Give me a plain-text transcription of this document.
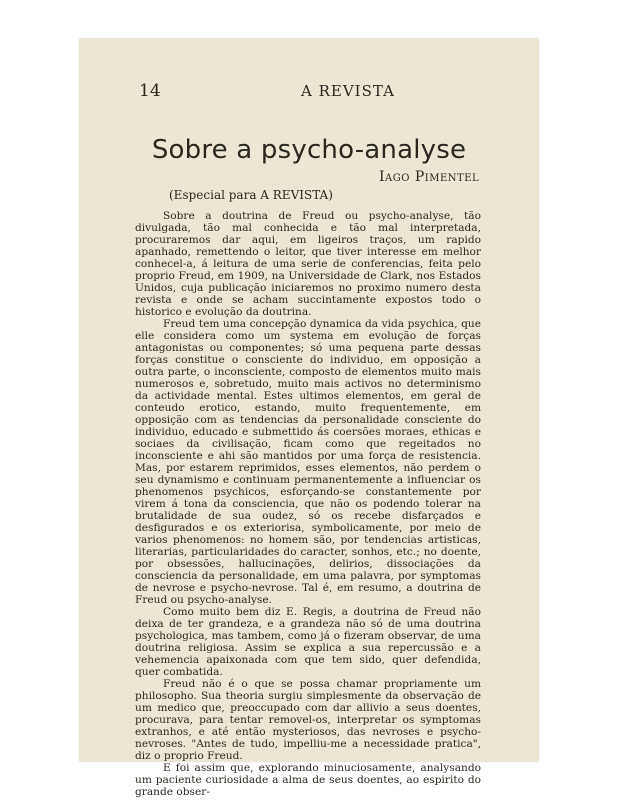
14	A REVISTA
Sobre a psycho-analyse
Iago Pimentel
(Especial para A REVISTA)

Sobre a doutrina de Freud ou psycho-analyse, tão divulgada, tão mal conhecida e tão mal interpretada, procuraremos dar aqui, em ligeiros traços, um rapido apanhado, remettendo o leitor, que tiver interesse em melhor conhecel-a, á leitura de uma serie de conferencias, feita pelo proprio Freud, em 1909, na Universidade de Clark, nos Estados Unidos, cuja publicação iniciaremos no proximo numero desta revista e onde se acham succintamente expostos todo o historico e evolução da doutrina.

Freud tem uma concepção dynamica da vida psychica, que elle considera como um systema em evolução de forças antagonistas ou componentes; só uma pequena parte dessas forças constitue o consciente do individuo, em opposição a outra parte, o inconsciente, composto de elementos muito mais numerosos e, sobretudo, muito mais activos no determinismo da actividade mental. Estes ultimos elementos, em geral de conteudo erotico, estando, muito frequentemente, em opposição com as tendencias da personalidade consciente do individuo, educado e submettido ás coersões moraes, ethicas e sociaes da civilisação, ficam como que regeitados no inconsciente e ahi são mantidos por uma força de resistencia. Mas, por estarem reprimidos, esses elementos, não perdem o seu dynamismo e continuam permanentemente a influenciar os phenomenos psychicos, esforçando-se constantemente por virem á tona da consciencia, que não os podendo tolerar na brutalidade de sua oudez, só os recebe disfarçados e desfigurados e os exteriorisa, symbolicamente, por meio de varios phenomenos: no homem são, por tendencias artisticas, literarias, particularidades do caracter, sonhos, etc.; no doente, por obsessões, hallucinações, delirios, dissociações da consciencia da personalidade, em uma palavra, por symptomas de nevrose e psycho-nevrose. Tal é, em resumo, a doutrina de Freud ou psycho-analyse.

Como muito bem diz E. Regis, a doutrina de Freud não deixa de ter grandeza, e a grandeza não só de uma doutrina psychologica, mas tambem, como já o fizeram observar, de uma doutrina religiosa. Assim se explica a sua repercussão e a vehemencia apaixonada com que tem sido, quer defendida, quer combatida.

Freud não é o que se possa chamar propriamente um philosopho. Sua theoria surgiu simplesmente da observação de um medico que, preoccupado com dar allivio a seus doentes, procurava, para tentar removel-os, interpretar os symptomas extranhos, e até então mysteriosos, das nevroses e psycho-nevroses. "Antes de tudo, impelliu-me a necessidade pratica", diz o proprio Freud.

E foi assim que, explorando minuciosamente, analysando um paciente curiosidade a alma de seus doentes, ao espirito do grande obser-
